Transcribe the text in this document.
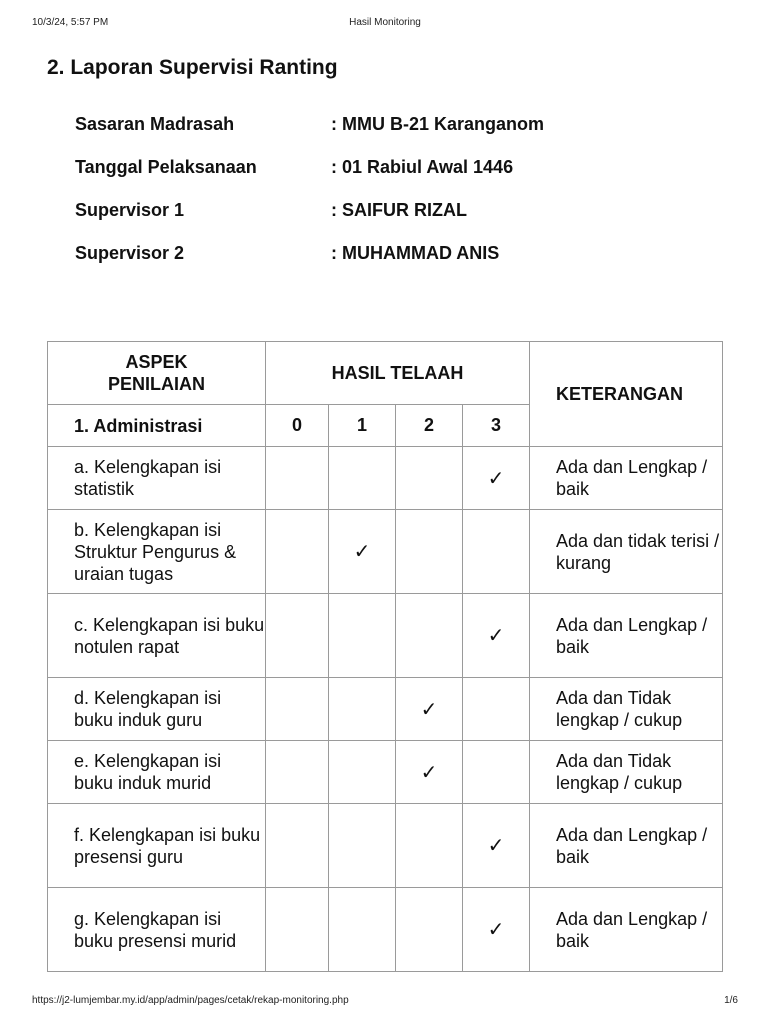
10/3/24, 5:57 PM	Hasil Monitoring
2. Laporan Supervisi Ranting
Sasaran Madrasah	: MMU B-21 Karanganom
Tanggal Pelaksanaan	: 01 Rabiul Awal 1446
Supervisor 1	: SAIFUR RIZAL
Supervisor 2	: MUHAMMAD ANIS
ASPEK PENILAIAN	HASIL TELAAH				KETERANGAN
1. Administrasi	0	1	2	3	
a. Kelengkapan isi statistik				✓	Ada dan Lengkap / baik
b. Kelengkapan isi Struktur Pengurus & uraian tugas		✓			Ada dan tidak terisi / kurang
c. Kelengkapan isi buku notulen rapat				✓	Ada dan Lengkap / baik
d. Kelengkapan isi buku induk guru			✓		Ada dan Tidak lengkap / cukup
e. Kelengkapan isi buku induk murid			✓		Ada dan Tidak lengkap / cukup
f. Kelengkapan isi buku presensi guru				✓	Ada dan Lengkap / baik
g. Kelengkapan isi buku presensi murid				✓	Ada dan Lengkap / baik
https://j2-lumjembar.my.id/app/admin/pages/cetak/rekap-monitoring.php	1/6
